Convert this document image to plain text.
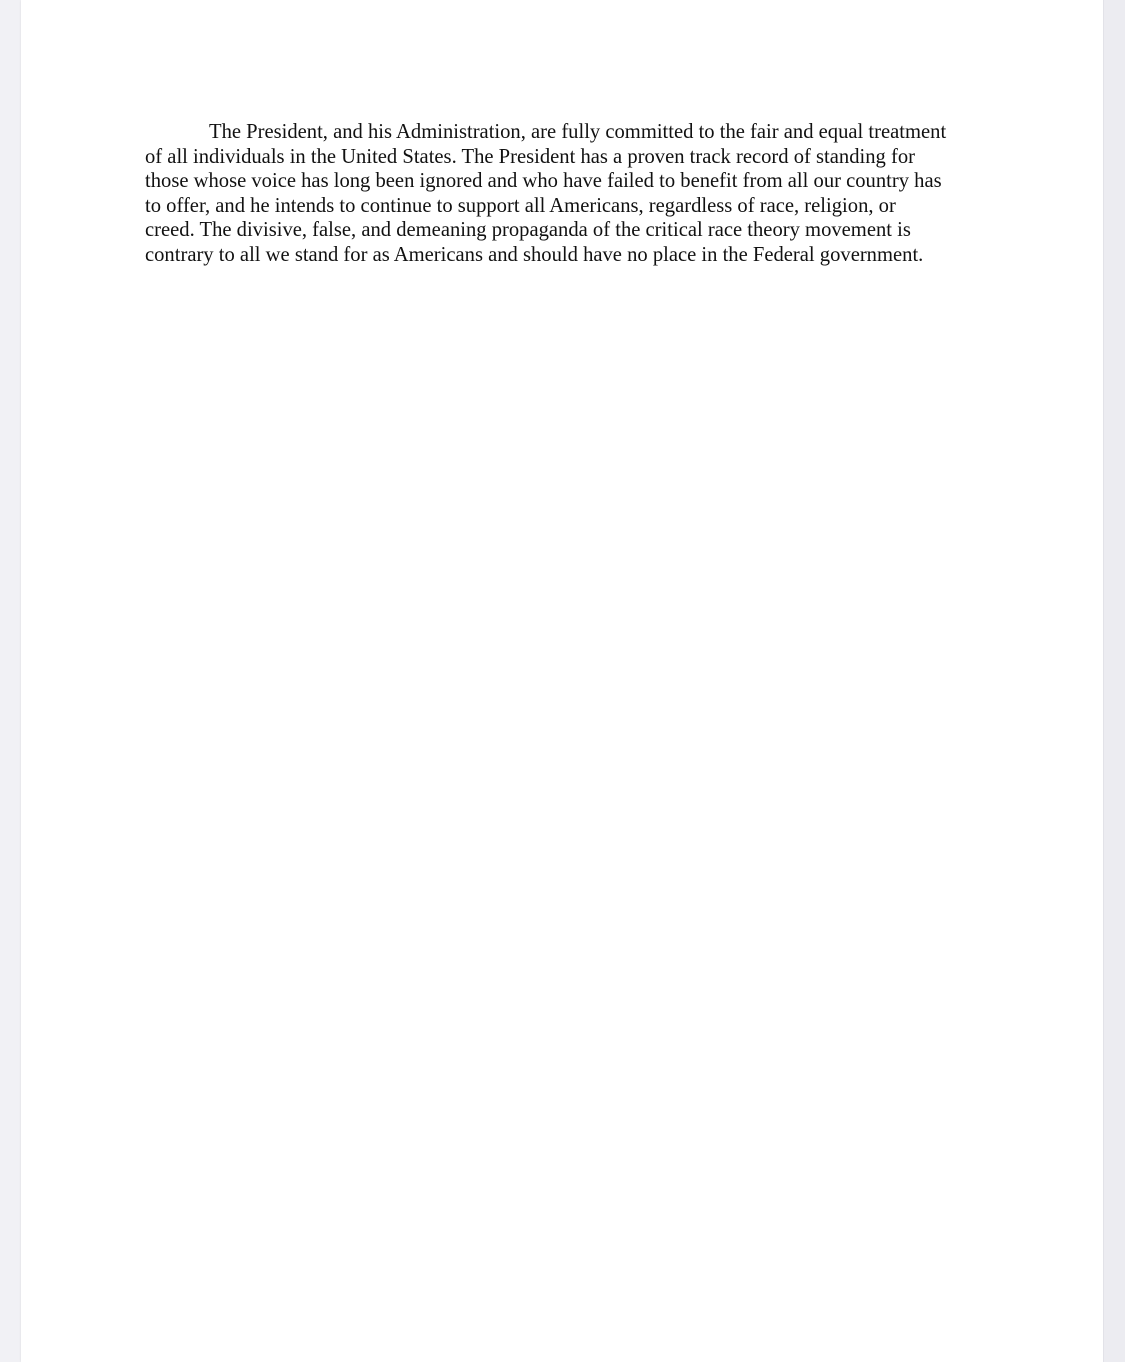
The President, and his Administration, are fully committed to the fair and equal treatment
of all individuals in the United States. The President has a proven track record of standing for
those whose voice has long been ignored and who have failed to benefit from all our country has
to offer, and he intends to continue to support all Americans, regardless of race, religion, or
creed. The divisive, false, and demeaning propaganda of the critical race theory movement is
contrary to all we stand for as Americans and should have no place in the Federal government.
